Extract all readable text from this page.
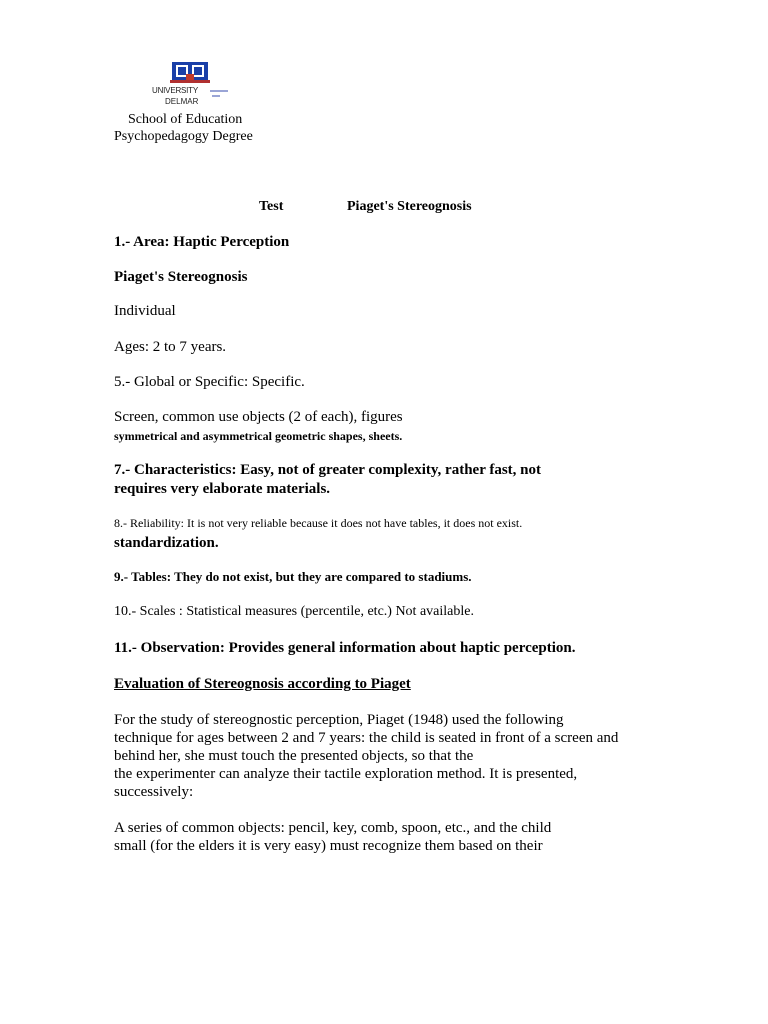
UNIVERSITY
DELMAR
School of Education
Psychopedagogy Degree
Test	Piaget's Stereognosis
1.- Area: Haptic Perception
Piaget's Stereognosis
Individual
Ages: 2 to 7 years.
5.- Global or Specific: Specific.
Screen, common use objects (2 of each), figures
symmetrical and asymmetrical geometric shapes, sheets.
7.- Characteristics: Easy, not of greater complexity, rather fast, not
requires very elaborate materials.
8.- Reliability: It is not very reliable because it does not have tables, it does not exist.
standardization.
9.- Tables: They do not exist, but they are compared to stadiums.
10.- Scales : Statistical measures (percentile, etc.) Not available.
11.- Observation: Provides general information about haptic perception.
Evaluation of Stereognosis according to Piaget
For the study of stereognostic perception, Piaget (1948) used the following
technique for ages between 2 and 7 years: the child is seated in front of a screen and
behind her, she must touch the presented objects, so that the
the experimenter can analyze their tactile exploration method. It is presented,
successively:
A series of common objects: pencil, key, comb, spoon, etc., and the child
small (for the elders it is very easy) must recognize them based on their
